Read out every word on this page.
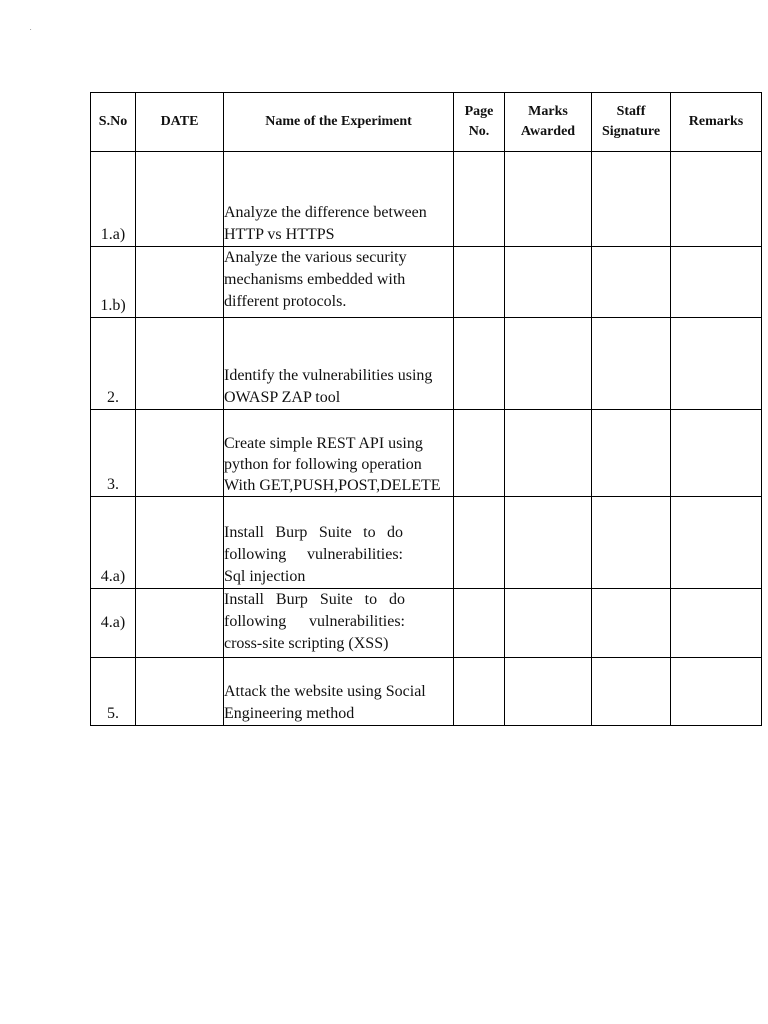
.
S.No	DATE	Name of the Experiment	Page No.	Marks Awarded	Staff Signature	Remarks
1.a)		Analyze the difference between HTTP vs HTTPS				
1.b)		Analyze the various security mechanisms embedded with different protocols.				
2.		Identify the vulnerabilities using OWASP ZAP tool				
3.		Create simple REST API using python for following operation With GET,PUSH,POST,DELETE				
4.a)		Install Burp Suite to do following vulnerabilities: Sql injection				
4.a)		Install Burp Suite to do following vulnerabilities: cross-site scripting (XSS)				
5.		Attack the website using Social Engineering method				
